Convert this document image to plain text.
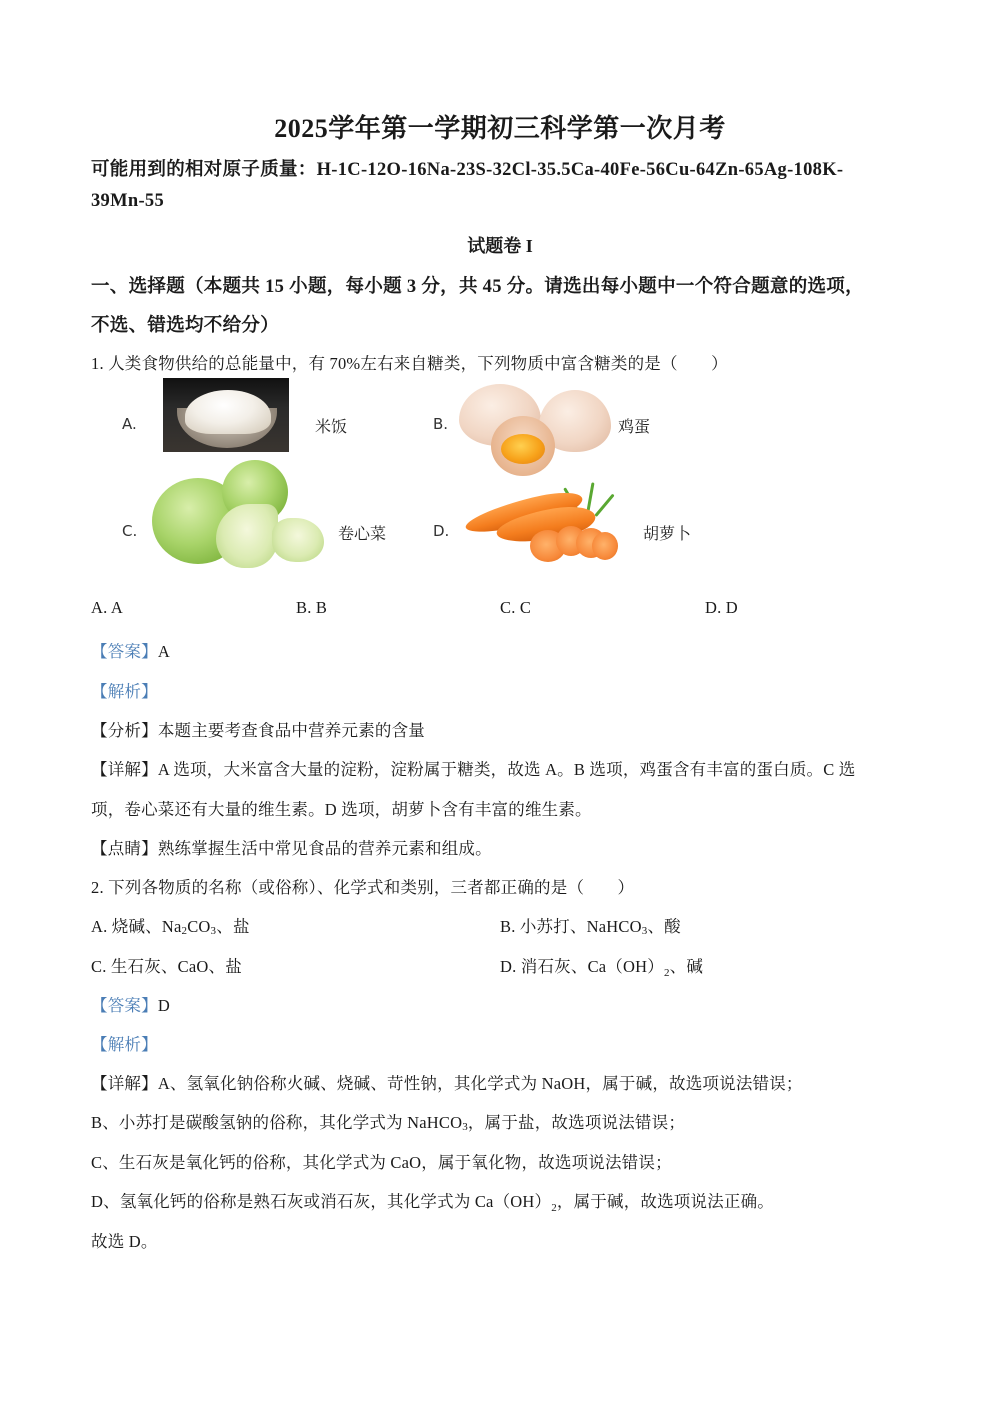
2025学年第一学期初三科学第一次月考
可能用到的相对原子质量：H-1C-12O-16Na-23S-32Cl-35.5Ca-40Fe-56Cu-64Zn-65Ag-108K-
39Mn-55
试题卷 I
一、选择题（本题共 15 小题，每小题 3 分，共 45 分。请选出每小题中一个符合题意的选项，
不选、错选均不给分）
1. 人类食物供给的总能量中，有 70%左右来自糖类，下列物质中富含糖类的是（　　）
A.	米饭	B.	鸡蛋
C.	卷心菜	D.	胡萝卜
A. A	B. B	C. C	D. D
【答案】A
【解析】
【分析】本题主要考查食品中营养元素的含量
【详解】A 选项，大米富含大量的淀粉，淀粉属于糖类，故选 A。B 选项，鸡蛋含有丰富的蛋白质。C 选
项，卷心菜还有大量的维生素。D 选项，胡萝卜含有丰富的维生素。
【点睛】熟练掌握生活中常见食品的营养元素和组成。
2. 下列各物质的名称（或俗称）、化学式和类别，三者都正确的是（　　）
A. 烧碱、Na2CO3、盐	B. 小苏打、NaHCO3、酸
C. 生石灰、CaO、盐	D. 消石灰、$Ca(OH)_2$、碱
【答案】D
【解析】
【详解】A、氢氧化钠俗称火碱、烧碱、苛性钠，其化学式为 NaOH，属于碱，故选项说法错误；
B、小苏打是碳酸氢钠的俗称，其化学式为 NaHCO3，属于盐，故选项说法错误；
C、生石灰是氧化钙的俗称，其化学式为 CaO，属于氧化物，故选项说法错误；
D、氢氧化钙的俗称是熟石灰或消石灰，其化学式为 $Ca(OH)_2$，属于碱，故选项说法正确。
故选 D。
